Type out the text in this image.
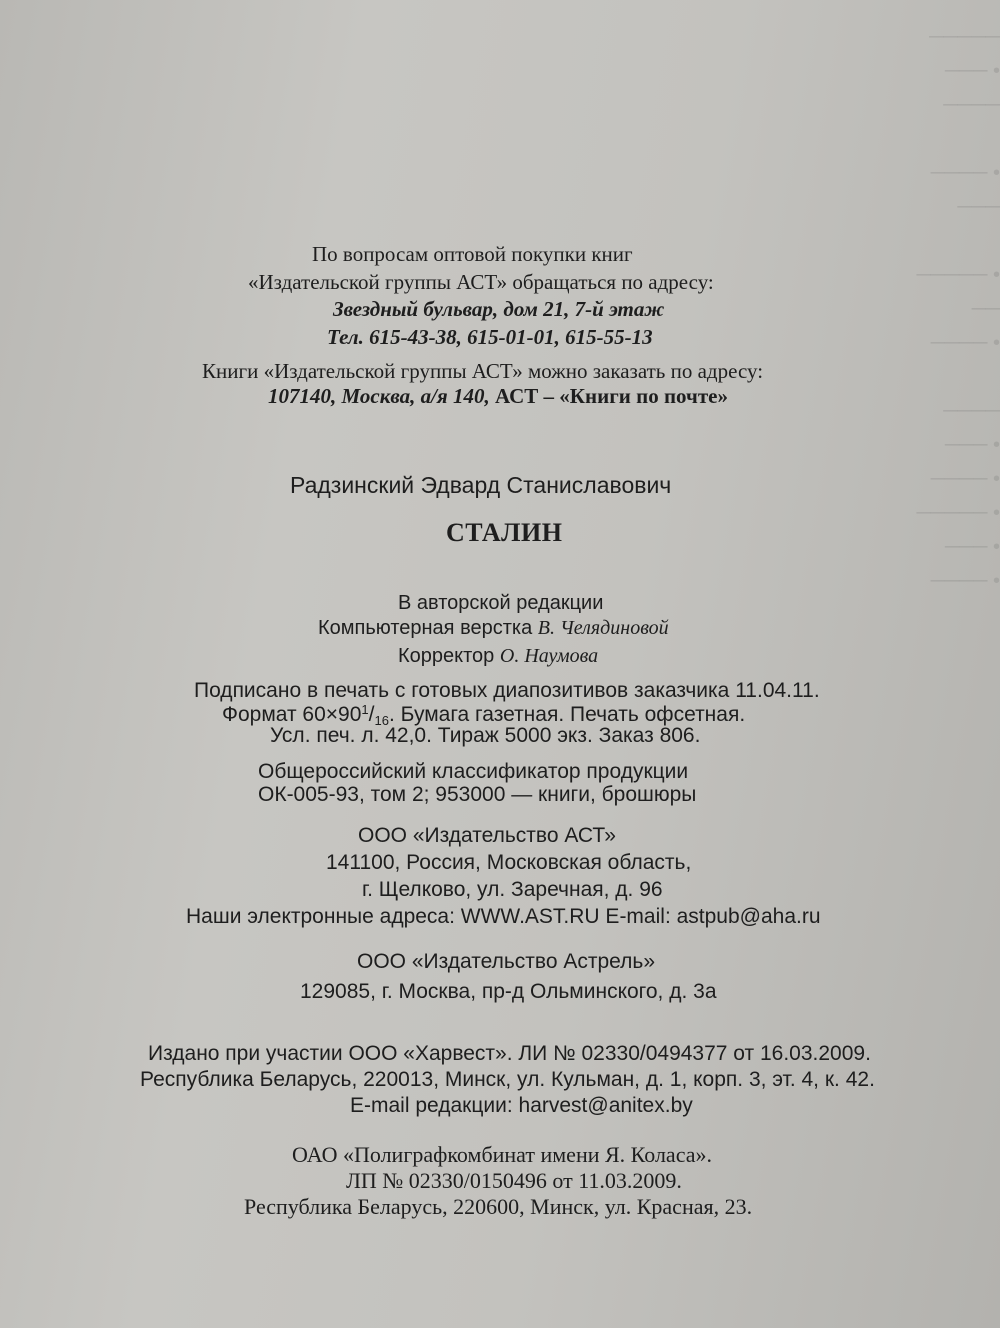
─────
• ───
────

• ────
───

• ─────
──
• ────

────
• ───
• ────
• ─────
• ───
• ────
По вопросам оптовой покупки книг
«Издательской группы АСТ» обращаться по адресу:
Звездный бульвар, дом 21, 7-й этаж
Тел. 615-43-38, 615-01-01, 615-55-13
Книги «Издательской группы АСТ» можно заказать по адресу:
107140, Москва, а/я 140, АСТ – «Книги по почте»
Радзинский Эдвард Станиславович
СТАЛИН
В авторской редакции
Компьютерная верстка В. Челядиновой
Корректор О. Наумова
Подписано в печать с готовых диапозитивов заказчика 11.04.11.
Формат $60\times 90^1/16$. Бумага газетная. Печать офсетная.
Усл. печ. л. 42,0. Тираж 5000 экз. Заказ 806.
Общероссийский классификатор продукции
ОК-005-93, том 2; 953000 — книги, брошюры
ООО «Издательство АСТ»
141100, Россия, Московская область,
г. Щелково, ул. Заречная, д. 96
Наши электронные адреса: WWW.AST.RU E-mail: astpub@aha.ru
ООО «Издательство Астрель»
129085, г. Москва, пр-д Ольминского, д. 3а
Издано при участии ООО «Харвест». ЛИ № 02330/0494377 от 16.03.2009.
Республика Беларусь, 220013, Минск, ул. Кульман, д. 1, корп. 3, эт. 4, к. 42.
E-mail редакции: harvest@anitex.by
ОАО «Полиграфкомбинат имени Я. Коласа».
ЛП № 02330/0150496 от 11.03.2009.
Республика Беларусь, 220600, Минск, ул. Красная, 23.
